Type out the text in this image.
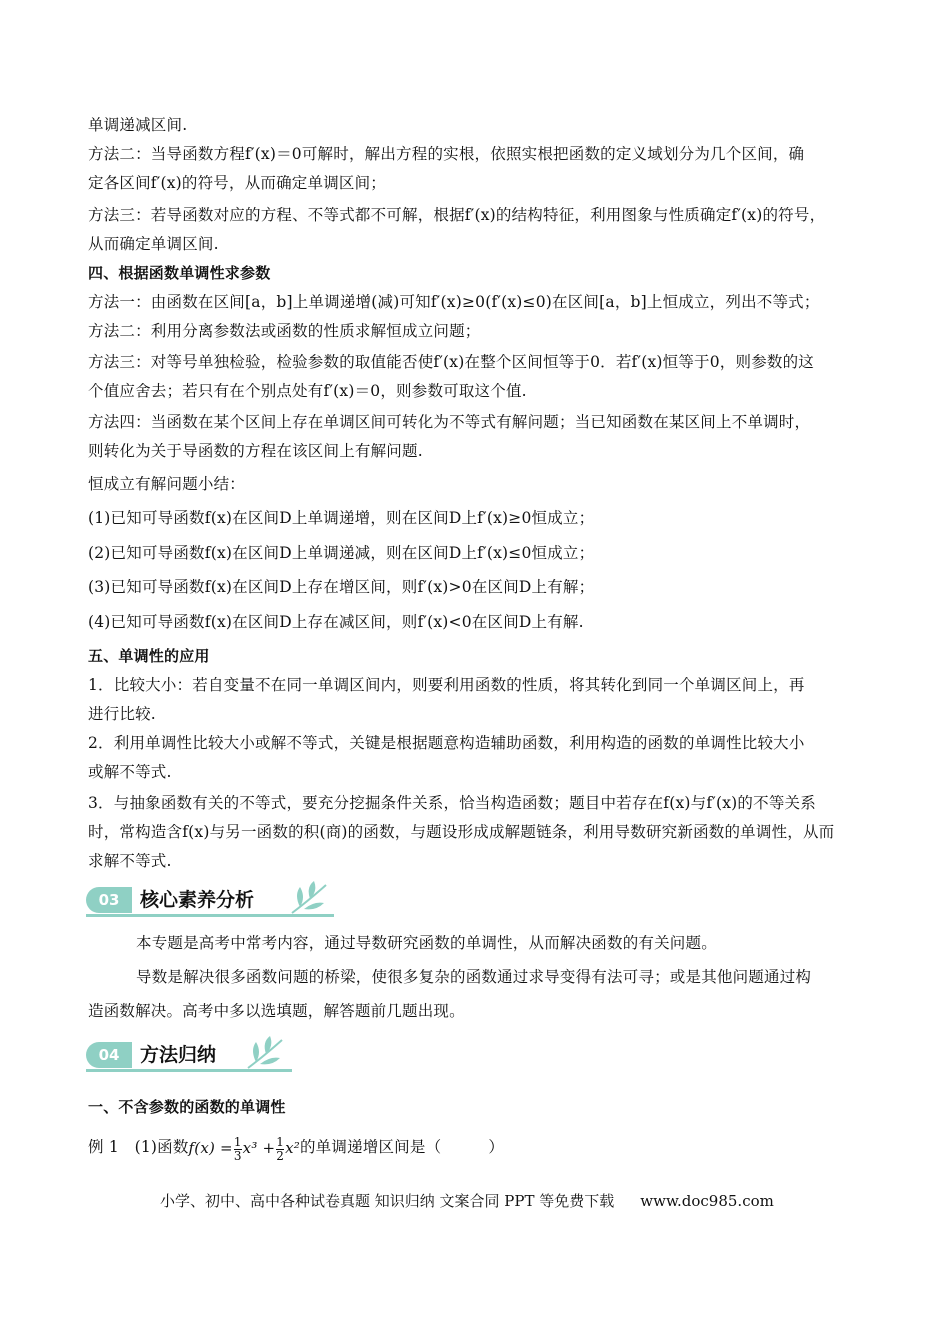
单调递减区间.
方法二：当导函数方程f′(x)＝0可解时，解出方程的实根，依照实根把函数的定义域划分为几个区间，确
定各区间f′(x)的符号，从而确定单调区间；
方法三：若导函数对应的方程、不等式都不可解，根据f′(x)的结构特征，利用图象与性质确定f′(x)的符号，
从而确定单调区间.
四、根据函数单调性求参数
方法一：由函数在区间[a，b]上单调递增(减)可知f′(x)≥0(f′(x)≤0)在区间[a，b]上恒成立，列出不等式；
方法二：利用分离参数法或函数的性质求解恒成立问题；
方法三：对等号单独检验，检验参数的取值能否使f′(x)在整个区间恒等于0．若f′(x)恒等于0，则参数的这
个值应舍去；若只有在个别点处有f′(x)＝0，则参数可取这个值.
方法四：当函数在某个区间上存在单调区间可转化为不等式有解问题；当已知函数在某区间上不单调时，
则转化为关于导函数的方程在该区间上有解问题.
恒成立有解问题小结：
(1)已知可导函数f(x)在区间D上单调递增，则在区间D上f′(x)≥0恒成立；
(2)已知可导函数f(x)在区间D上单调递减，则在区间D上f′(x)≤0恒成立；
(3)已知可导函数f(x)在区间D上存在增区间，则f′(x)>0在区间D上有解；
(4)已知可导函数f(x)在区间D上存在减区间，则f′(x)<0在区间D上有解.
五、单调性的应用
1．比较大小：若自变量不在同一单调区间内，则要利用函数的性质，将其转化到同一个单调区间上，再
进行比较.
2．利用单调性比较大小或解不等式，关键是根据题意构造辅助函数，利用构造的函数的单调性比较大小
或解不等式.
3．与抽象函数有关的不等式，要充分挖掘条件关系，恰当构造函数；题目中若存在f(x)与f′(x)的不等关系
时，常构造含f(x)与另一函数的积(商)的函数，与题设形成成解题链条，利用导数研究新函数的单调性，从而
求解不等式.
03	核心素养分析
本专题是高考中常考内容，通过导数研究函数的单调性，从而解决函数的有关问题。
导数是解决很多函数问题的桥梁，使很多复杂的函数通过求导变得有法可寻；或是其他问题通过构
造函数解决。高考中多以选填题，解答题前几题出现。
04	方法归纳
一、不含参数的函数的单调性
例 1　(1)函数$f(x) = \frac{1}{3} x^3 + \frac{1}{2} x^2$的单调递增区间是（　　　）
小学、初中、高中各种试卷真题 知识归纳 文案合同 PPT 等免费下载 www.doc985.com
